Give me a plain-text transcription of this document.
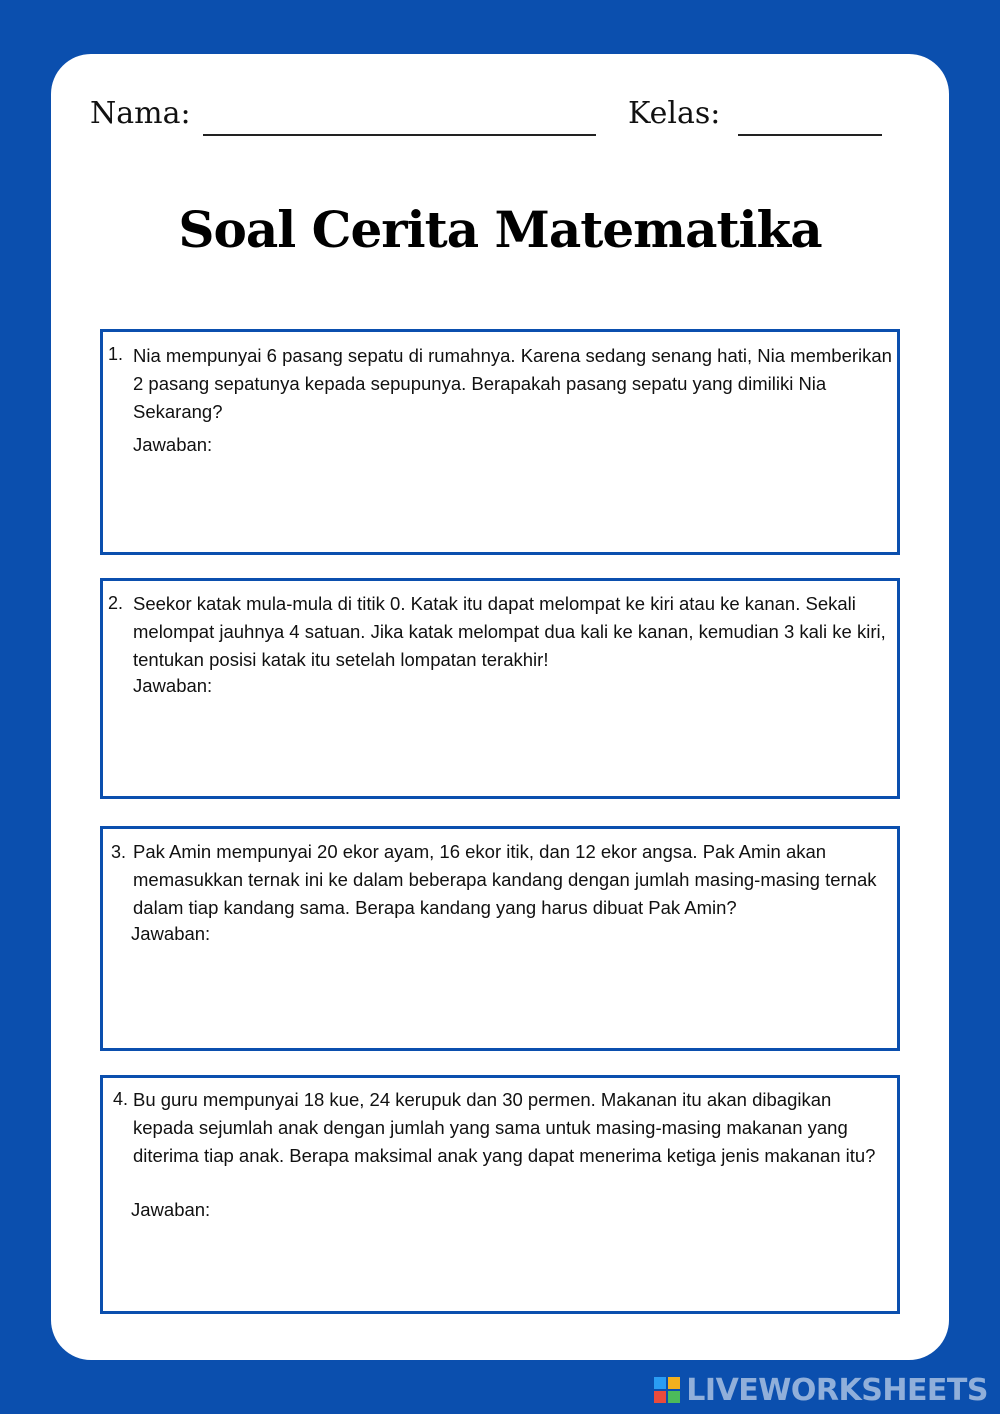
Nama:	Kelas:
Soal Cerita Matematika
1. Nia mempunyai 6 pasang sepatu di rumahnya. Karena sedang senang hati, Nia memberikan 2 pasang sepatunya kepada sepupunya. Berapakah pasang sepatu yang dimiliki Nia Sekarang?

Jawaban:
2. Seekor katak mula-mula di titik 0. Katak itu dapat melompat ke kiri atau ke kanan. Sekali melompat jauhnya 4 satuan. Jika katak melompat dua kali ke kanan, kemudian 3 kali ke kiri, tentukan posisi katak itu setelah lompatan terakhir!

Jawaban:
3. Pak Amin mempunyai 20 ekor ayam, 16 ekor itik, dan 12 ekor angsa. Pak Amin akan memasukkan ternak ini ke dalam beberapa kandang dengan jumlah masing-masing ternak dalam tiap kandang sama. Berapa kandang yang harus dibuat Pak Amin?

Jawaban:
4. Bu guru mempunyai 18 kue, 24 kerupuk dan 30 permen. Makanan itu akan dibagikan kepada sejumlah anak dengan jumlah yang sama untuk masing-masing makanan yang diterima tiap anak. Berapa maksimal anak yang dapat menerima ketiga jenis makanan itu?

Jawaban:
LIVEWORKSHEETS
